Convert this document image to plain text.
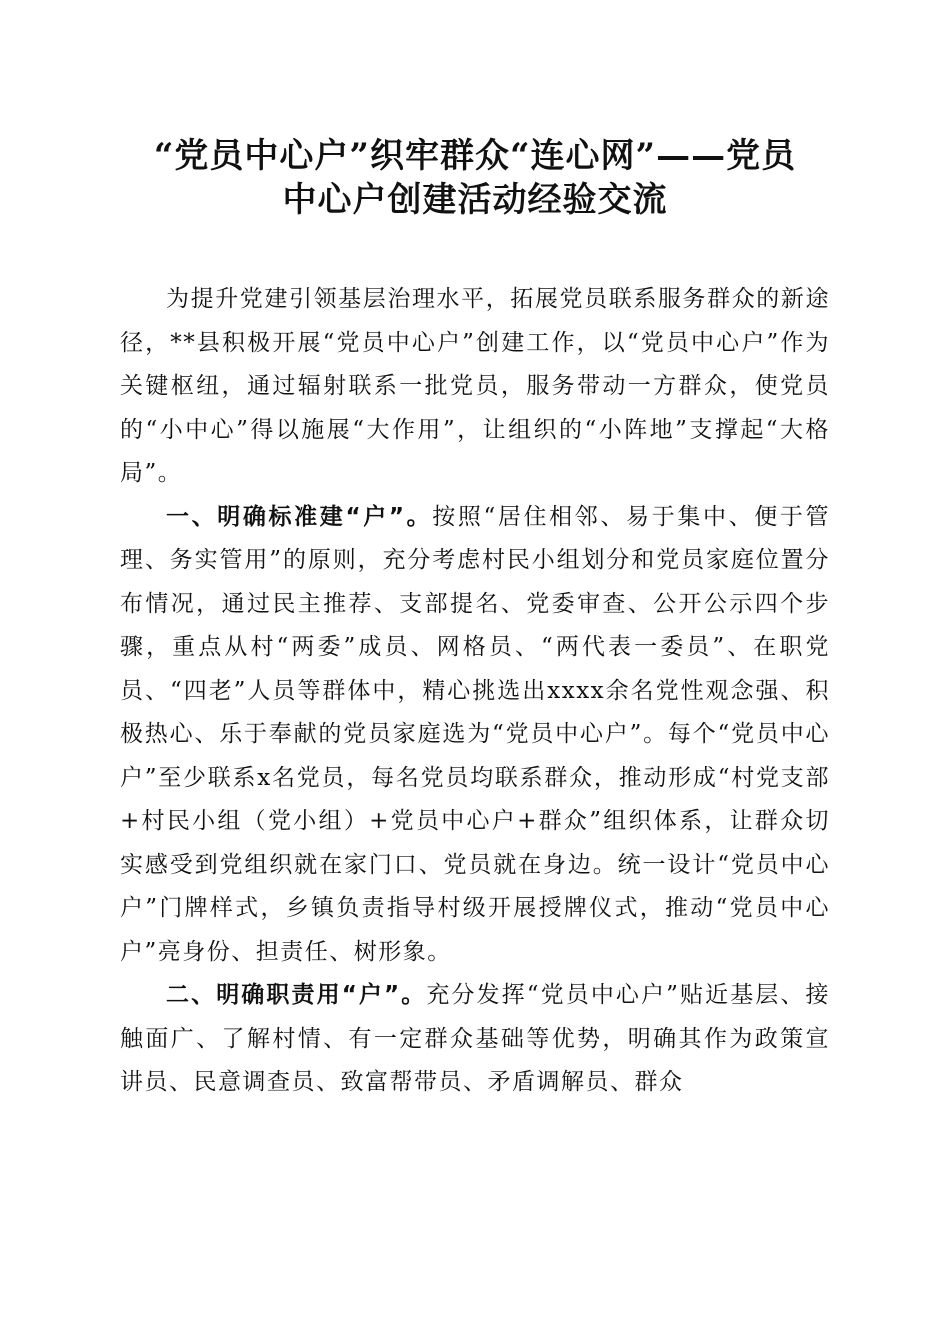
“党员中心户”织牢群众“连心网”——党员
中心户创建活动经验交流

为提升党建引领基层治理水平，拓展党员联系服务群众的新途径，**县积极开展“党员中心户”创建工作，以“党员中心户”作为关键枢纽，通过辐射联系一批党员，服务带动一方群众，使党员的“小中心”得以施展“大作用”，让组织的“小阵地”支撑起“大格局”。

一、明确标准建“户”。按照“居住相邻、易于集中、便于管理、务实管用”的原则，充分考虑村民小组划分和党员家庭位置分布情况，通过民主推荐、支部提名、党委审查、公开公示四个步骤，重点从村“两委”成员、网格员、“两代表一委员”、在职党员、“四老”人员等群体中，精心挑选出xxxx余名党性观念强、积极热心、乐于奉献的党员家庭选为“党员中心户”。每个“党员中心户”至少联系x名党员，每名党员均联系群众，推动形成“村党支部+村民小组（党小组）+党员中心户+群众”组织体系，让群众切实感受到党组织就在家门口、党员就在身边。统一设计“党员中心户”门牌样式，乡镇负责指导村级开展授牌仪式，推动“党员中心户”亮身份、担责任、树形象。

二、明确职责用“户”。充分发挥“党员中心户”贴近基层、接触面广、了解村情、有一定群众基础等优势，明确其作为政策宣讲员、民意调查员、致富帮带员、矛盾调解员、群众
